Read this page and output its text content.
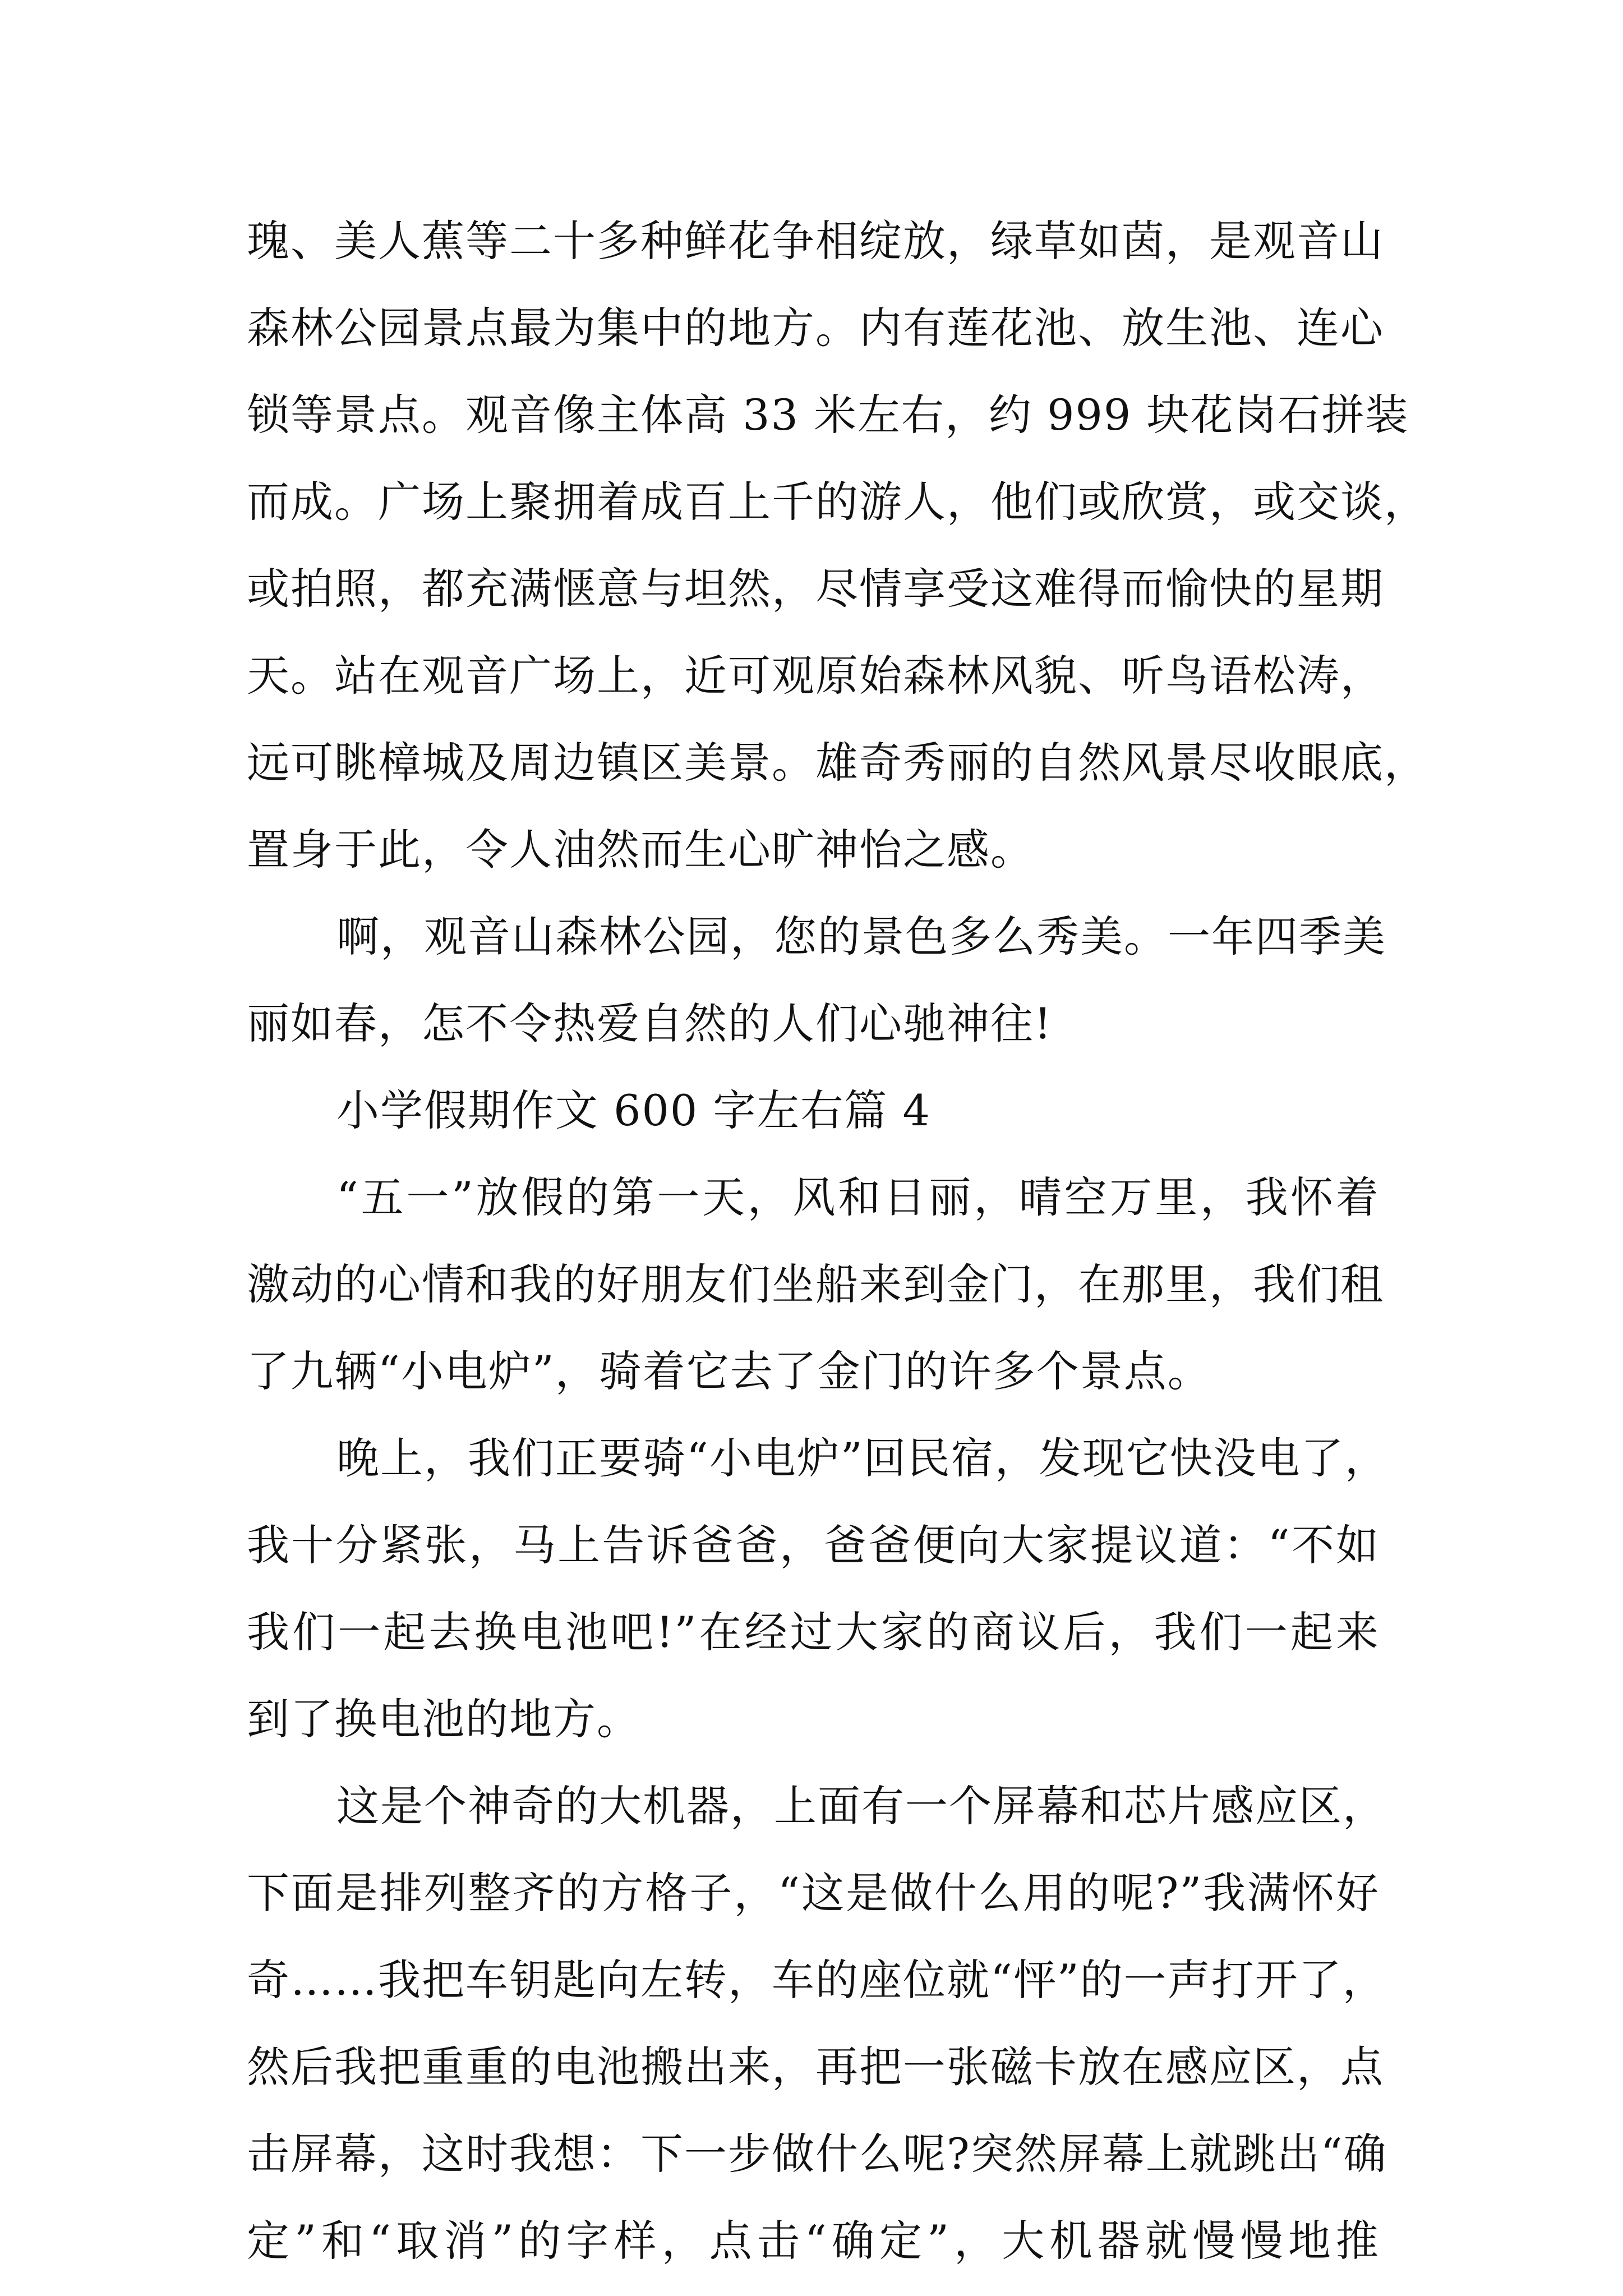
瑰、美人蕉等二十多种鲜花争相绽放，绿草如茵，是观音山
森林公园景点最为集中的地方。内有莲花池、放生池、连心
锁等景点。观音像主体高 33 米左右，约 999 块花岗石拼装
而成。广场上聚拥着成百上千的游人，他们或欣赏，或交谈，
或拍照，都充满惬意与坦然，尽情享受这难得而愉快的星期
天。站在观音广场上，近可观原始森林风貌、听鸟语松涛，
远可眺樟城及周边镇区美景。雄奇秀丽的自然风景尽收眼底，
置身于此，令人油然而生心旷神怡之感。
啊，观音山森林公园，您的景色多么秀美。一年四季美
丽如春，怎不令热爱自然的人们心驰神往!
小学假期作文 600 字左右篇 4
“五一”放假的第一天，风和日丽，晴空万里，我怀着
激动的心情和我的好朋友们坐船来到金门，在那里，我们租
了九辆“小电炉”，骑着它去了金门的许多个景点。
晚上，我们正要骑“小电炉”回民宿，发现它快没电了，
我十分紧张，马上告诉爸爸，爸爸便向大家提议道：“不如
我们一起去换电池吧!”在经过大家的商议后，我们一起来
到了换电池的地方。
这是个神奇的大机器，上面有一个屏幕和芯片感应区，
下面是排列整齐的方格子，“这是做什么用的呢?”我满怀好
奇……我把车钥匙向左转，车的座位就“怦”的一声打开了，
然后我把重重的电池搬出来，再把一张磁卡放在感应区，点
击屏幕，这时我想：下一步做什么呢?突然屏幕上就跳出“确
定”和“取消”的字样，点击“确定”，大机器就慢慢地推
